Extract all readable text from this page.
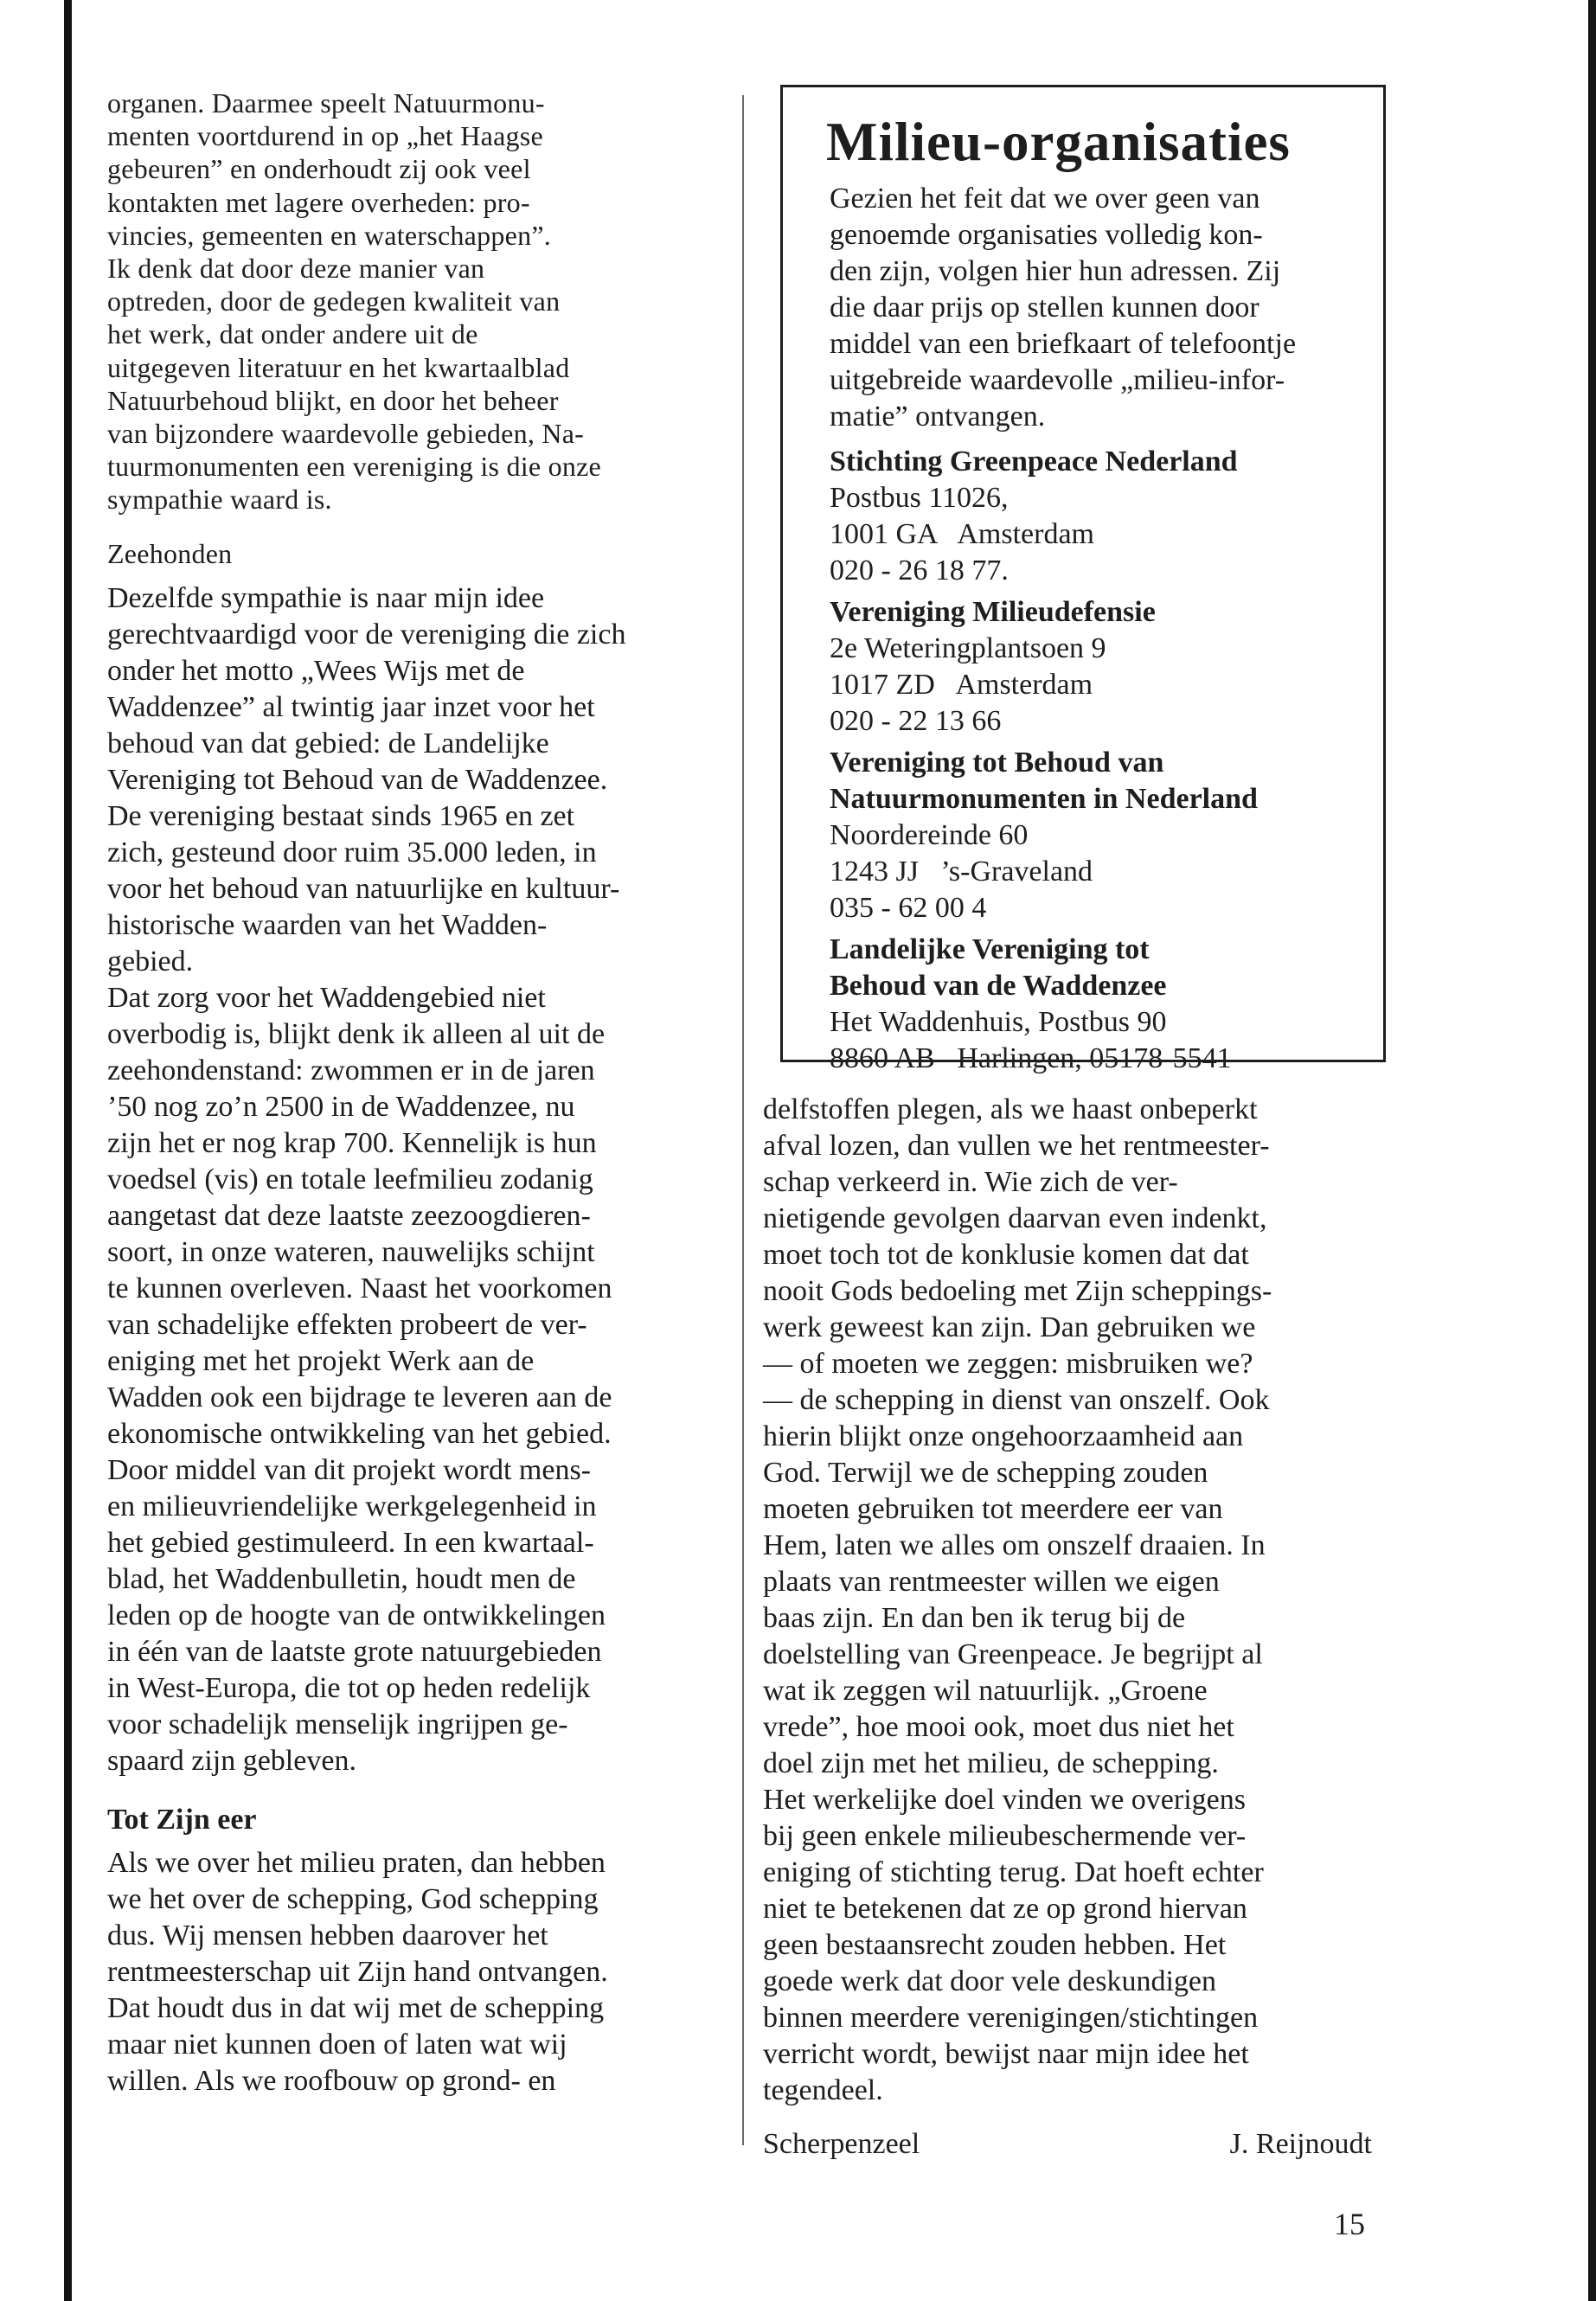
organen. Daarmee speelt Natuurmonu-
menten voortdurend in op „het Haagse
gebeuren” en onderhoudt zij ook veel
kontakten met lagere overheden: pro-
vincies, gemeenten en waterschappen”.
Ik denk dat door deze manier van
optreden, door de gedegen kwaliteit van
het werk, dat onder andere uit de
uitgegeven literatuur en het kwartaalblad
Natuurbehoud blijkt, en door het beheer
van bijzondere waardevolle gebieden, Na-
tuurmonumenten een vereniging is die onze
sympathie waard is.

Zeehonden

Dezelfde sympathie is naar mijn idee
gerechtvaardigd voor de vereniging die zich
onder het motto „Wees Wijs met de
Waddenzee” al twintig jaar inzet voor het
behoud van dat gebied: de Landelijke
Vereniging tot Behoud van de Waddenzee.
De vereniging bestaat sinds 1965 en zet
zich, gesteund door ruim 35.000 leden, in
voor het behoud van natuurlijke en kultuur-
historische waarden van het Wadden-
gebied.

Dat zorg voor het Waddengebied niet
overbodig is, blijkt denk ik alleen al uit de
zeehondenstand: zwommen er in de jaren
’50 nog zo’n 2500 in de Waddenzee, nu
zijn het er nog krap 700. Kennelijk is hun
voedsel (vis) en totale leefmilieu zodanig
aangetast dat deze laatste zeezoogdieren-
soort, in onze wateren, nauwelijks schijnt
te kunnen overleven. Naast het voorkomen
van schadelijke effekten probeert de ver-
eniging met het projekt Werk aan de
Wadden ook een bijdrage te leveren aan de
ekonomische ontwikkeling van het gebied.
Door middel van dit projekt wordt mens-
en milieuvriendelijke werkgelegenheid in
het gebied gestimuleerd. In een kwartaal-
blad, het Waddenbulletin, houdt men de
leden op de hoogte van de ontwikkelingen
in één van de laatste grote natuurgebieden
in West-Europa, die tot op heden redelijk
voor schadelijk menselijk ingrijpen ge-
spaard zijn gebleven.

Tot Zijn eer

Als we over het milieu praten, dan hebben
we het over de schepping, God schepping
dus. Wij mensen hebben daarover het
rentmeesterschap uit Zijn hand ontvangen.
Dat houdt dus in dat wij met de schepping
maar niet kunnen doen of laten wat wij
willen. Als we roofbouw op grond- en

Milieu-organisaties

Gezien het feit dat we over geen van
genoemde organisaties volledig kon-
den zijn, volgen hier hun adressen. Zij
die daar prijs op stellen kunnen door
middel van een briefkaart of telefoontje
uitgebreide waardevolle „milieu-infor-
matie” ontvangen.

Stichting Greenpeace Nederland
Postbus 11026,
1001 GA   Amsterdam
020 - 26 18 77.
Vereniging Milieudefensie
2e Weteringplantsoen 9
1017 ZD   Amsterdam
020 - 22 13 66
Vereniging tot Behoud van
Natuurmonumenten in Nederland
Noordereinde 60
1243 JJ   ’s-Graveland
035 - 62 00 4
Landelijke Vereniging tot
Behoud van de Waddenzee
Het Waddenhuis, Postbus 90
8860 AB   Harlingen, 05178-5541

delfstoffen plegen, als we haast onbeperkt
afval lozen, dan vullen we het rentmeester-
schap verkeerd in. Wie zich de ver-
nietigende gevolgen daarvan even indenkt,
moet toch tot de konklusie komen dat dat
nooit Gods bedoeling met Zijn scheppings-
werk geweest kan zijn. Dan gebruiken we
— of moeten we zeggen: misbruiken we?
— de schepping in dienst van onszelf. Ook
hierin blijkt onze ongehoorzaamheid aan
God. Terwijl we de schepping zouden
moeten gebruiken tot meerdere eer van
Hem, laten we alles om onszelf draaien. In
plaats van rentmeester willen we eigen
baas zijn. En dan ben ik terug bij de
doelstelling van Greenpeace. Je begrijpt al
wat ik zeggen wil natuurlijk. „Groene
vrede”, hoe mooi ook, moet dus niet het
doel zijn met het milieu, de schepping.
Het werkelijke doel vinden we overigens
bij geen enkele milieubeschermende ver-
eniging of stichting terug. Dat hoeft echter
niet te betekenen dat ze op grond hiervan
geen bestaansrecht zouden hebben. Het
goede werk dat door vele deskundigen
binnen meerdere verenigingen/stichtingen
verricht wordt, bewijst naar mijn idee het
tegendeel.

Scherpenzeel	J. Reijnoudt
15
